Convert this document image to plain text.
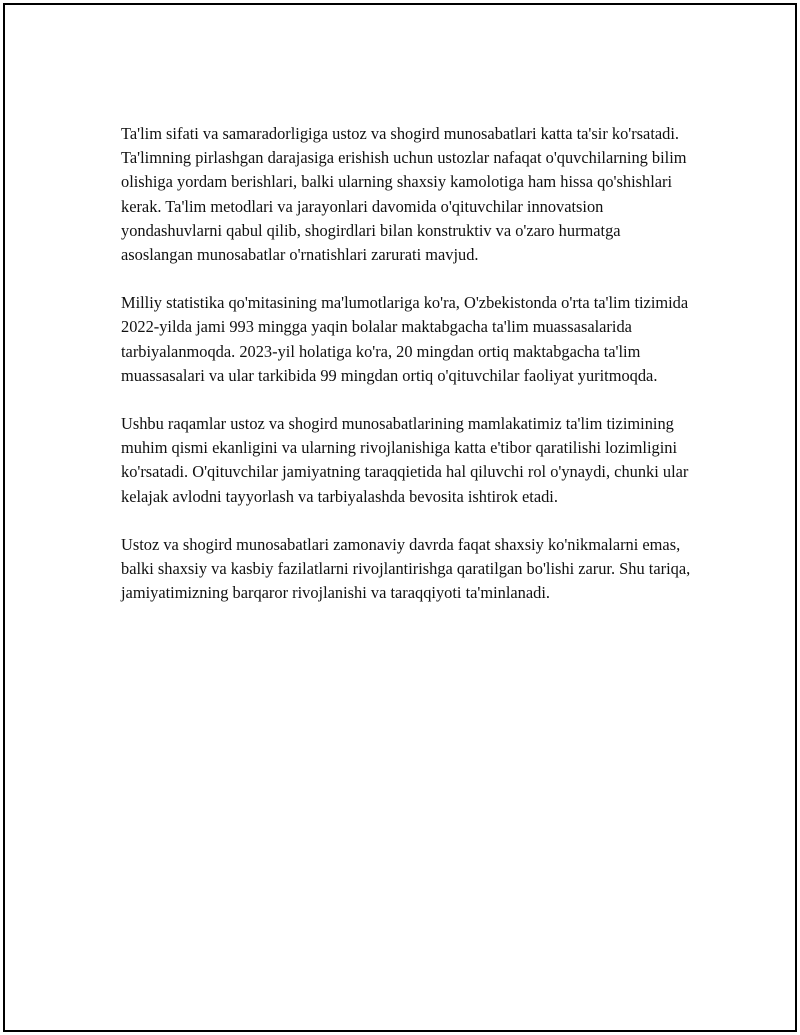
Ta'lim sifati va samaradorligiga ustoz va shogird munosabatlari katta ta'sir ko'rsatadi. Ta'limning pirlashgan darajasiga erishish uchun ustozlar nafaqat o'quvchilarning bilim olishiga yordam berishlari, balki ularning shaxsiy kamolotiga ham hissa qo'shishlari kerak. Ta'lim metodlari va jarayonlari davomida o'qituvchilar innovatsion yondashuvlarni qabul qilib, shogirdlari bilan konstruktiv va o'zaro hurmatga asoslangan munosabatlar o'rnatishlari zarurati mavjud.

Milliy statistika qo'mitasining ma'lumotlariga ko'ra, O'zbekistonda o'rta ta'lim tizimida 2022-yilda jami 993 mingga yaqin bolalar maktabgacha ta'lim muassasalarida tarbiyalanmoqda. 2023-yil holatiga ko'ra, 20 mingdan ortiq maktabgacha ta'lim muassasalari va ular tarkibida 99 mingdan ortiq o'qituvchilar faoliyat yuritmoqda.

Ushbu raqamlar ustoz va shogird munosabatlarining mamlakatimiz ta'lim tizimining muhim qismi ekanligini va ularning rivojlanishiga katta e'tibor qaratilishi lozimligini ko'rsatadi. O'qituvchilar jamiyatning taraqqietida hal qiluvchi rol o'ynaydi, chunki ular kelajak avlodni tayyorlash va tarbiyalashda bevosita ishtirok etadi.

Ustoz va shogird munosabatlari zamonaviy davrda faqat shaxsiy ko'nikmalarni emas, balki shaxsiy va kasbiy fazilatlarni rivojlantirishga qaratilgan bo'lishi zarur. Shu tariqa, jamiyatimizning barqaror rivojlanishi va taraqqiyoti ta'minlanadi.
